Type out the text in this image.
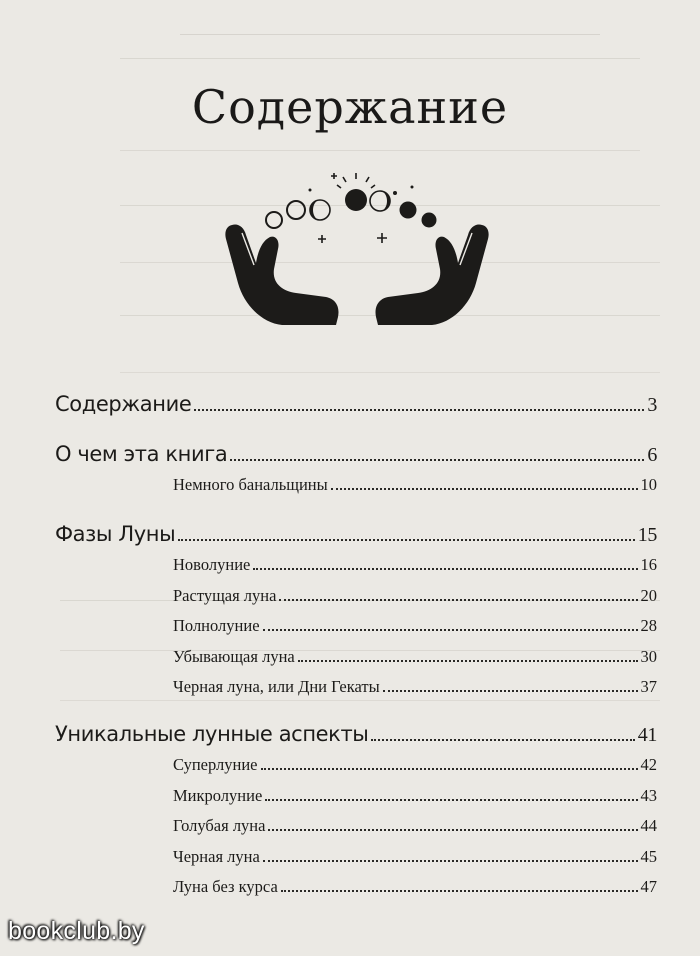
Содержание
Содержание	3
О чем эта книга	6
Немного банальщины	10
Фазы Луны	15
Новолуние	16
Растущая луна	20
Полнолуние	28
Убывающая луна	30
Черная луна, или Дни Гекаты	37
Уникальные лунные аспекты	41
Суперлуние	42
Микролуние	43
Голубая луна	44
Черная луна	45
Луна без курса	47
bookclub.by
